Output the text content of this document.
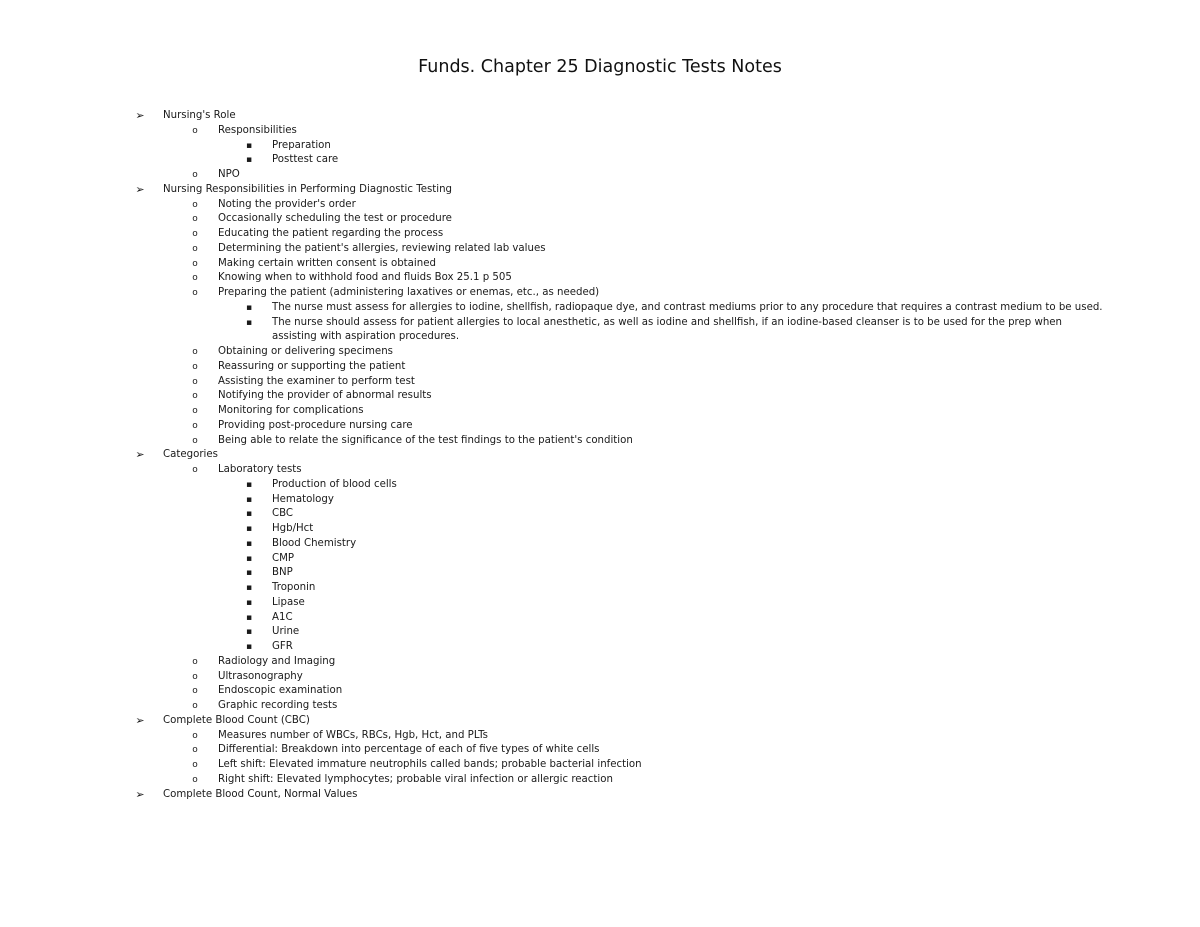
Funds. Chapter 25 Diagnostic Tests Notes
➢	Nursing's Role
o	Responsibilities
▪	Preparation
▪	Posttest care
o	NPO
➢	Nursing Responsibilities in Performing Diagnostic Testing
o	Noting the provider's order
o	Occasionally scheduling the test or procedure
o	Educating the patient regarding the process
o	Determining the patient's allergies, reviewing related lab values
o	Making certain written consent is obtained
o	Knowing when to withhold food and fluids Box 25.1 p 505
o	Preparing the patient (administering laxatives or enemas, etc., as needed)
▪	The nurse must assess for allergies to iodine, shellfish, radiopaque dye, and contrast mediums prior to any procedure that requires a contrast medium to be used.
▪	The nurse should assess for patient allergies to local anesthetic, as well as iodine and shellfish, if an iodine-based cleanser is to be used for the prep when assisting with aspiration procedures.
o	Obtaining or delivering specimens
o	Reassuring or supporting the patient
o	Assisting the examiner to perform test
o	Notifying the provider of abnormal results
o	Monitoring for complications
o	Providing post-procedure nursing care
o	Being able to relate the significance of the test findings to the patient's condition
➢	Categories
o	Laboratory tests
▪	Production of blood cells
▪	Hematology
▪	CBC
▪	Hgb/Hct
▪	Blood Chemistry
▪	CMP
▪	BNP
▪	Troponin
▪	Lipase
▪	A1C
▪	Urine
▪	GFR
o	Radiology and Imaging
o	Ultrasonography
o	Endoscopic examination
o	Graphic recording tests
➢	Complete Blood Count (CBC)
o	Measures number of WBCs, RBCs, Hgb, Hct, and PLTs
o	Differential: Breakdown into percentage of each of five types of white cells
o	Left shift: Elevated immature neutrophils called bands; probable bacterial infection
o	Right shift: Elevated lymphocytes; probable viral infection or allergic reaction
➢	Complete Blood Count, Normal Values
